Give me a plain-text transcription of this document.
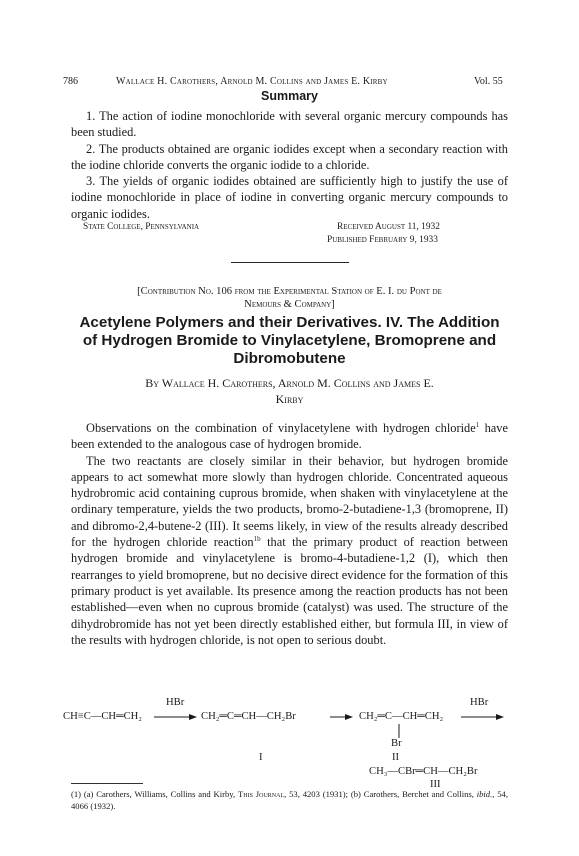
786	Wallace H. Carothers, Arnold M. Collins and James E. Kirby	Vol. 55
Summary

1. The action of iodine monochloride with several organic mercury compounds has been studied.

2. The products obtained are organic iodides except when a secondary reaction with the iodine chloride converts the organic iodide to a chloride.

3. The yields of organic iodides obtained are sufficiently high to justify the use of iodine monochloride in place of iodine in converting organic mercury compounds to organic iodides.

State College, Pennsylvania	Received August 11, 1932
Published February 9, 1933
[Contribution No. 106 from the Experimental Station of E. I. du Pont de
Nemours & Company]
Acetylene Polymers and their Derivatives. IV. The Addition
of Hydrogen Bromide to Vinylacetylene, Bromoprene and
Dibromobutene
By Wallace H. Carothers, Arnold M. Collins and James E.
Kirby

Observations on the combination of vinylacetylene with hydrogen chloride$^1$ have been extended to the analogous case of hydrogen bromide.

The two reactants are closely similar in their behavior, but hydrogen bromide appears to act somewhat more slowly than hydrogen chloride. Concentrated aqueous hydrobromic acid containing cuprous bromide, when shaken with vinylacetylene at the ordinary temperature, yields the two products, bromo-2-butadiene-1,3 (bromoprene, II) and dibromo-2,4-butene-2 (III). It seems likely, in view of the results already described for the hydrogen chloride reaction$^{1b}$ that the primary product of reaction between hydrogen bromide and vinylacetylene is bromo-4-butadiene-1,2 (I), which then rearranges to yield bromoprene, but no decisive direct evidence for the formation of this primary product is yet available. Its presence among the reaction products has not been established—even when no cuprous bromide (catalyst) was used. The structure of the dihydrobromide has not yet been directly established either, but formula III, in view of the results with hydrogen chloride, is not open to serious doubt.

HBr	HBr
CH≡C—CH═CH₂ → CH₂═C═CH—CH₂Br → CH₂═C—CH═CH₂ →
Br
I	II
CH₃—CBr═CH—CH₂Br
III
(1) (a) Carothers, Williams, Collins and Kirby, This Journal, 53, 4203 (1931); (b) Carothers, Berchet and Collins, ibid., 54, 4066 (1932).
